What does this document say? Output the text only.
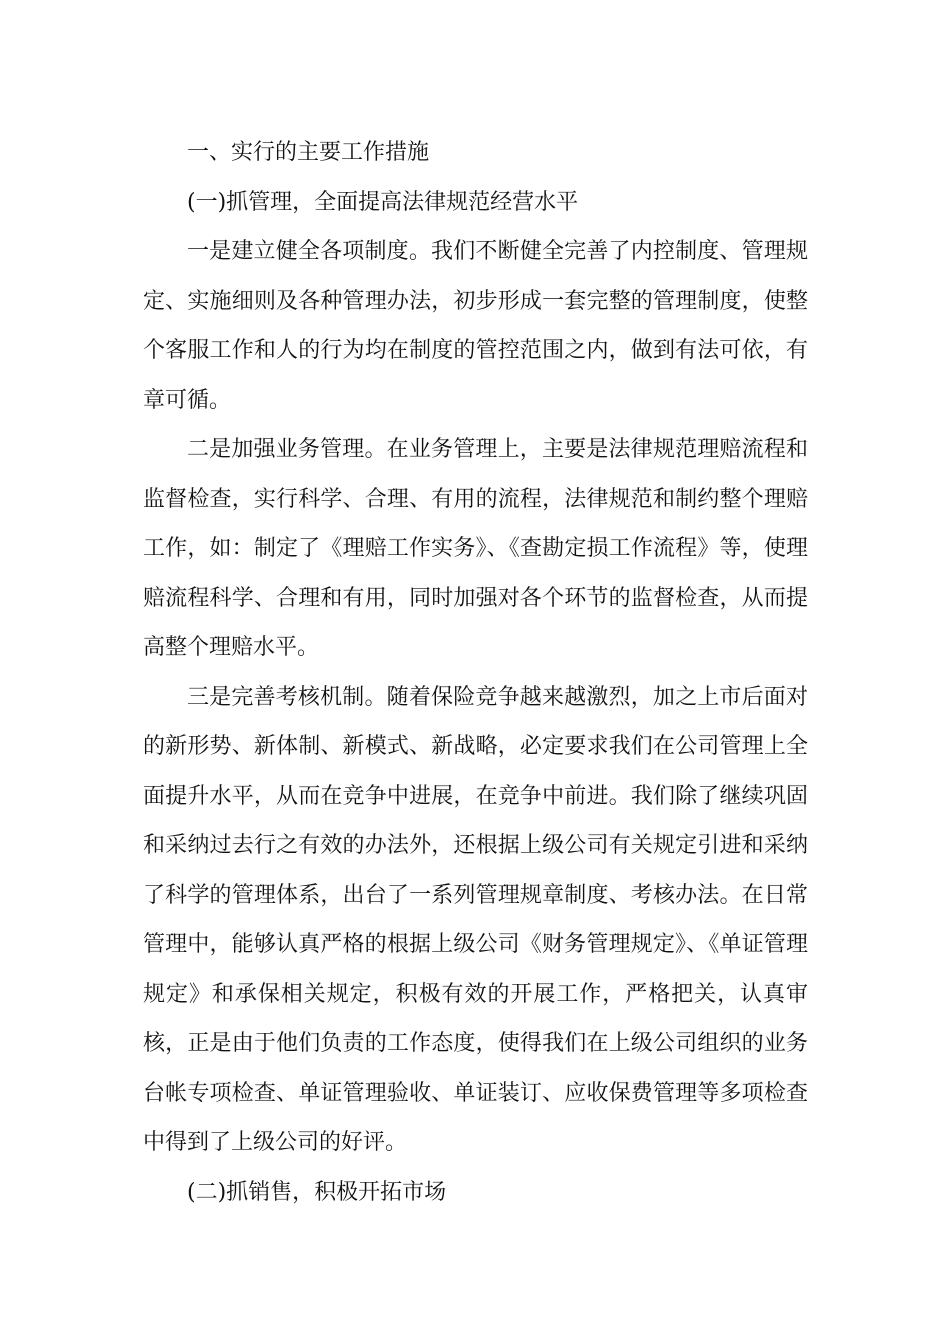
一、实行的主要工作措施

(一)抓管理，全面提高法律规范经营水平

一是建立健全各项制度。我们不断健全完善了内控制度、管理规定、实施细则及各种管理办法，初步形成一套完整的管理制度，使整个客服工作和人的行为均在制度的管控范围之内，做到有法可依，有章可循。

二是加强业务管理。在业务管理上，主要是法律规范理赔流程和监督检查，实行科学、合理、有用的流程，法律规范和制约整个理赔工作，如：制定了《理赔工作实务》、《查勘定损工作流程》等，使理赔流程科学、合理和有用，同时加强对各个环节的监督检查，从而提高整个理赔水平。

三是完善考核机制。随着保险竞争越来越激烈，加之上市后面对的新形势、新体制、新模式、新战略，必定要求我们在公司管理上全面提升水平，从而在竞争中进展，在竞争中前进。我们除了继续巩固和采纳过去行之有效的办法外，还根据上级公司有关规定引进和采纳了科学的管理体系，出台了一系列管理规章制度、考核办法。在日常管理中，能够认真严格的根据上级公司《财务管理规定》、《单证管理规定》和承保相关规定，积极有效的开展工作，严格把关，认真审核，正是由于他们负责的工作态度，使得我们在上级公司组织的业务台帐专项检查、单证管理验收、单证装订、应收保费管理等多项检查中得到了上级公司的好评。

(二)抓销售，积极开拓市场
